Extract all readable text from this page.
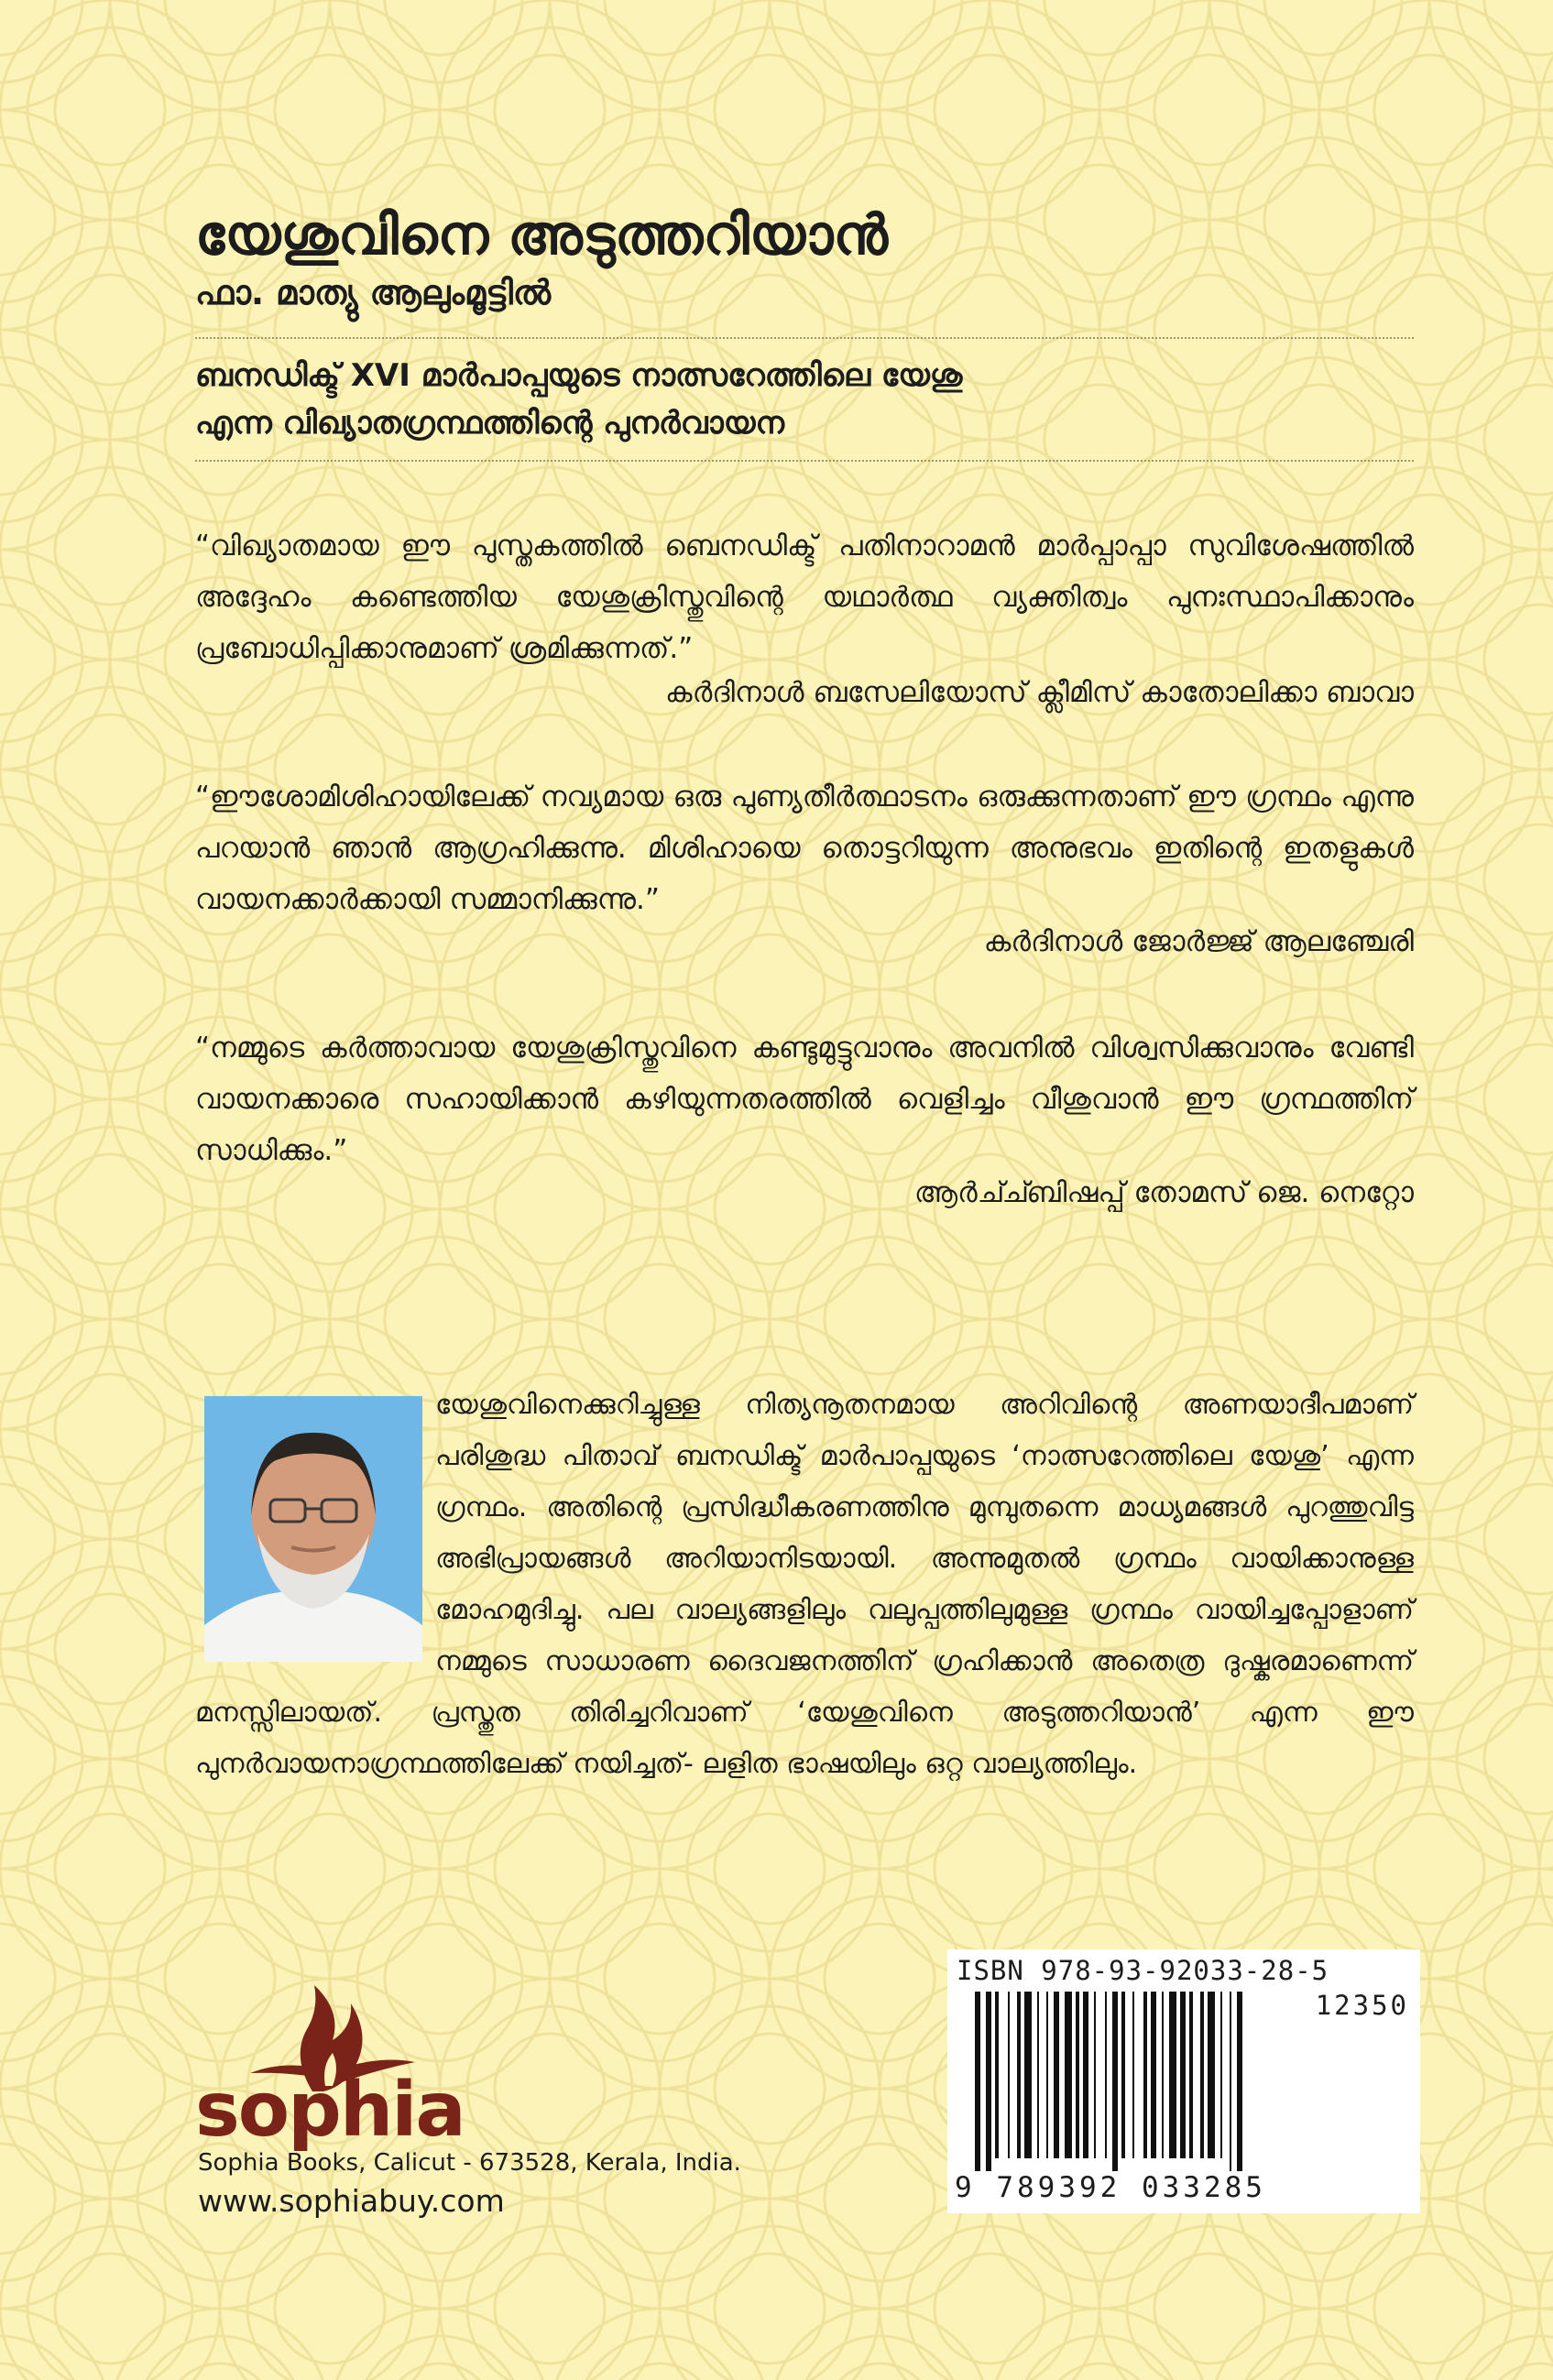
യേശുവിനെ അടുത്തറിയാൻ
ഫാ. മാത്യു ആലുംമൂട്ടിൽ
ബനഡിക്ട് XVI മാർപാപ്പയുടെ നാത്സറേത്തിലെ യേശു
എന്ന വിഖ്യാതഗ്രന്ഥത്തിന്റെ പുനർവായന
“വിഖ്യാതമായ ഈ പുസ്തകത്തിൽ ബെനഡിക്ട് പതിനാറാമൻ മാർപ്പാപ്പാ സുവിശേഷത്തിൽ അദ്ദേഹം കണ്ടെത്തിയ യേശുക്രിസ്തുവിന്റെ യഥാർത്ഥ വ്യക്തിത്വം പുനഃസ്ഥാപിക്കാനും പ്രബോധിപ്പിക്കാനുമാണ് ശ്രമിക്കുന്നത്.”
കർദിനാൾ ബസേലിയോസ് ക്ലീമിസ് കാതോലിക്കാ ബാവാ
“ഈശോമിശിഹായിലേക്ക് നവ്യമായ ഒരു പുണ്യതീർത്ഥാടനം ഒരുക്കുന്നതാണ് ഈ ഗ്രന്ഥം എന്നു പറയാൻ ഞാൻ ആഗ്രഹിക്കുന്നു. മിശിഹായെ തൊട്ടറിയുന്ന അനുഭവം ഇതിന്റെ ഇതളുകൾ വായനക്കാർക്കായി സമ്മാനിക്കുന്നു.”
കർദിനാൾ ജോർജ്ജ് ആലഞ്ചേരി
“നമ്മുടെ കർത്താവായ യേശുക്രിസ്തുവിനെ കണ്ടുമുട്ടുവാനും അവനിൽ വിശ്വസിക്കുവാനും വേണ്ടി വായനക്കാരെ സഹായിക്കാൻ കഴിയുന്നതരത്തിൽ വെളിച്ചം വീശുവാൻ ഈ ഗ്രന്ഥത്തിന് സാധിക്കും.”
ആർച്ച്ബിഷപ്പ് തോമസ് ജെ. നെറ്റോ
യേശുവിനെക്കുറിച്ചുള്ള നിത്യനൂതനമായ അറിവിന്റെ അണയാദീപമാണ് പരിശുദ്ധ പിതാവ് ബനഡിക്ട് മാർപാപ്പയുടെ ‘നാത്സറേത്തിലെ യേശു’ എന്ന ഗ്രന്ഥം. അതിന്റെ പ്രസിദ്ധീകരണത്തിനു മുമ്പുതന്നെ മാധ്യമങ്ങൾ പുറത്തുവിട്ട അഭിപ്രായങ്ങൾ അറിയാനിടയായി. അന്നുമുതൽ ഗ്രന്ഥം വായിക്കാനുള്ള മോഹമുദിച്ചു. പല വാല്യങ്ങളിലും വലുപ്പത്തിലുമുള്ള ഗ്രന്ഥം വായിച്ചപ്പോളാണ് നമ്മുടെ സാധാരണ ദൈവജനത്തിന് ഗ്രഹിക്കാൻ അതെത്ര ദുഷ്കരമാണെന്ന് മനസ്സിലായത്. പ്രസ്തുത തിരിച്ചറിവാണ് ‘യേശുവിനെ അടുത്തറിയാൻ’ എന്ന ഈ പുനർവായനാഗ്രന്ഥത്തിലേക്ക് നയിച്ചത്- ലളിത ഭാഷയിലും ഒറ്റ വാല്യത്തിലും.
sophia
Sophia Books, Calicut - 673528, Kerala, India.
www.sophiabuy.com
ISBN 978-93-92033-28-5
12350
9 789392 033285
